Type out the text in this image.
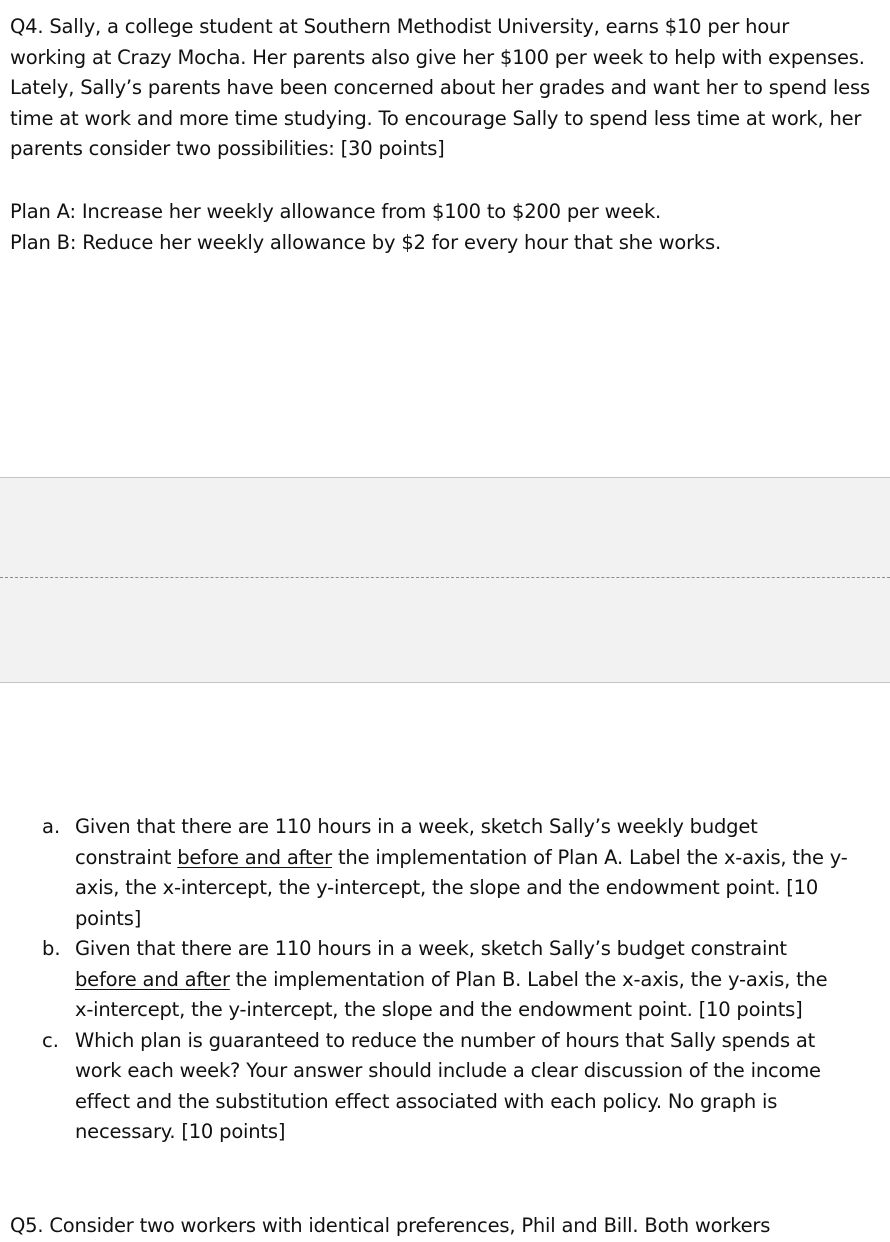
Q4. Sally, a college student at Southern Methodist University, earns $10 per hour working at Crazy Mocha. Her parents also give her $100 per week to help with expenses. Lately, Sally’s parents have been concerned about her grades and want her to spend less time at work and more time studying. To encourage Sally to spend less time at work, her parents consider two possibilities: [30 points]

Plan A: Increase her weekly allowance from $100 to $200 per week.
Plan B: Reduce her weekly allowance by $2 for every hour that she works.

a. Given that there are 110 hours in a week, sketch Sally’s weekly budget constraint before and after the implementation of Plan A. Label the x-axis, the y-axis, the x-intercept, the y-intercept, the slope and the endowment point. [10 points]

b. Given that there are 110 hours in a week, sketch Sally’s budget constraint before and after the implementation of Plan B. Label the x-axis, the y-axis, the x-intercept, the y-intercept, the slope and the endowment point. [10 points]

c. Which plan is guaranteed to reduce the number of hours that Sally spends at work each week? Your answer should include a clear discussion of the income effect and the substitution effect associated with each policy. No graph is necessary. [10 points]

Q5. Consider two workers with identical preferences, Phil and Bill. Both workers
